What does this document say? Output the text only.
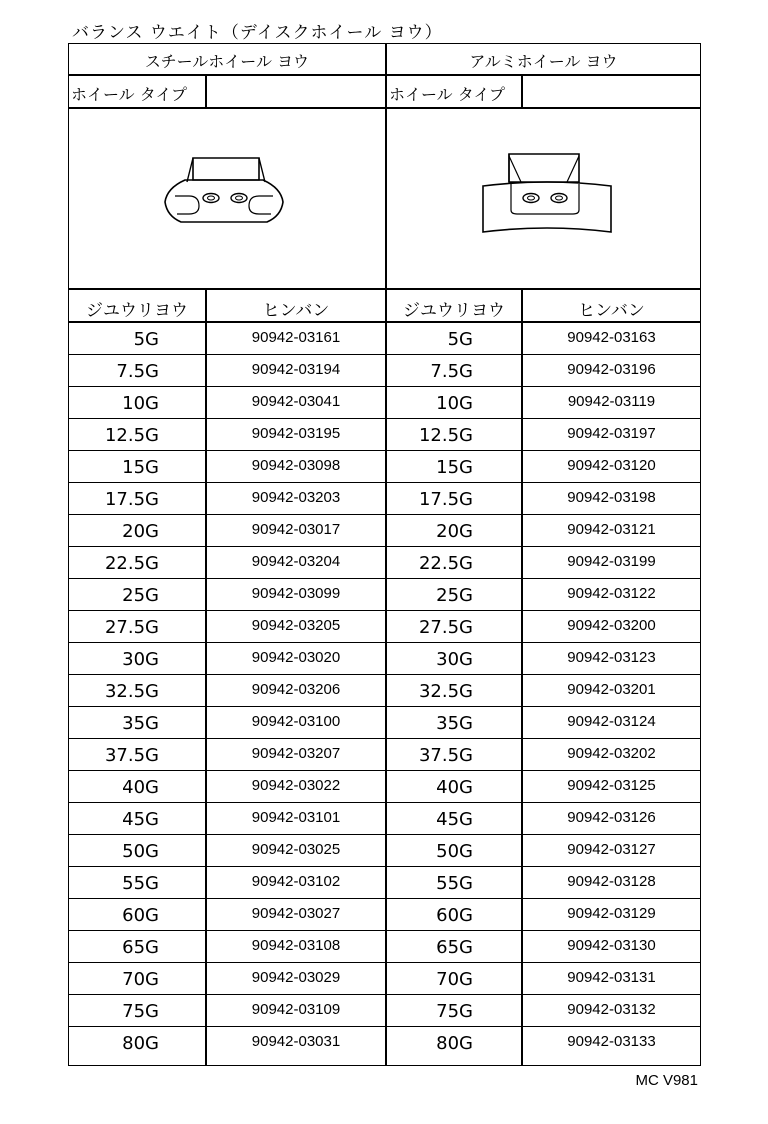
バランス ウエイト（デイスクホイール ヨウ）
スチールホイール ヨウ	アルミホイール ヨウ
ホイール タイプ	ホイール タイプ
ジユウリヨウ	ヒンバン	ジユウリヨウ	ヒンバン
5G	90942-03161	5G	90942-03163
7.5G	90942-03194	7.5G	90942-03196
10G	90942-03041	10G	90942-03119
12.5G	90942-03195	12.5G	90942-03197
15G	90942-03098	15G	90942-03120
17.5G	90942-03203	17.5G	90942-03198
20G	90942-03017	20G	90942-03121
22.5G	90942-03204	22.5G	90942-03199
25G	90942-03099	25G	90942-03122
27.5G	90942-03205	27.5G	90942-03200
30G	90942-03020	30G	90942-03123
32.5G	90942-03206	32.5G	90942-03201
35G	90942-03100	35G	90942-03124
37.5G	90942-03207	37.5G	90942-03202
40G	90942-03022	40G	90942-03125
45G	90942-03101	45G	90942-03126
50G	90942-03025	50G	90942-03127
55G	90942-03102	55G	90942-03128
60G	90942-03027	60G	90942-03129
65G	90942-03108	65G	90942-03130
70G	90942-03029	70G	90942-03131
75G	90942-03109	75G	90942-03132
80G	90942-03031	80G	90942-03133
MC V981
